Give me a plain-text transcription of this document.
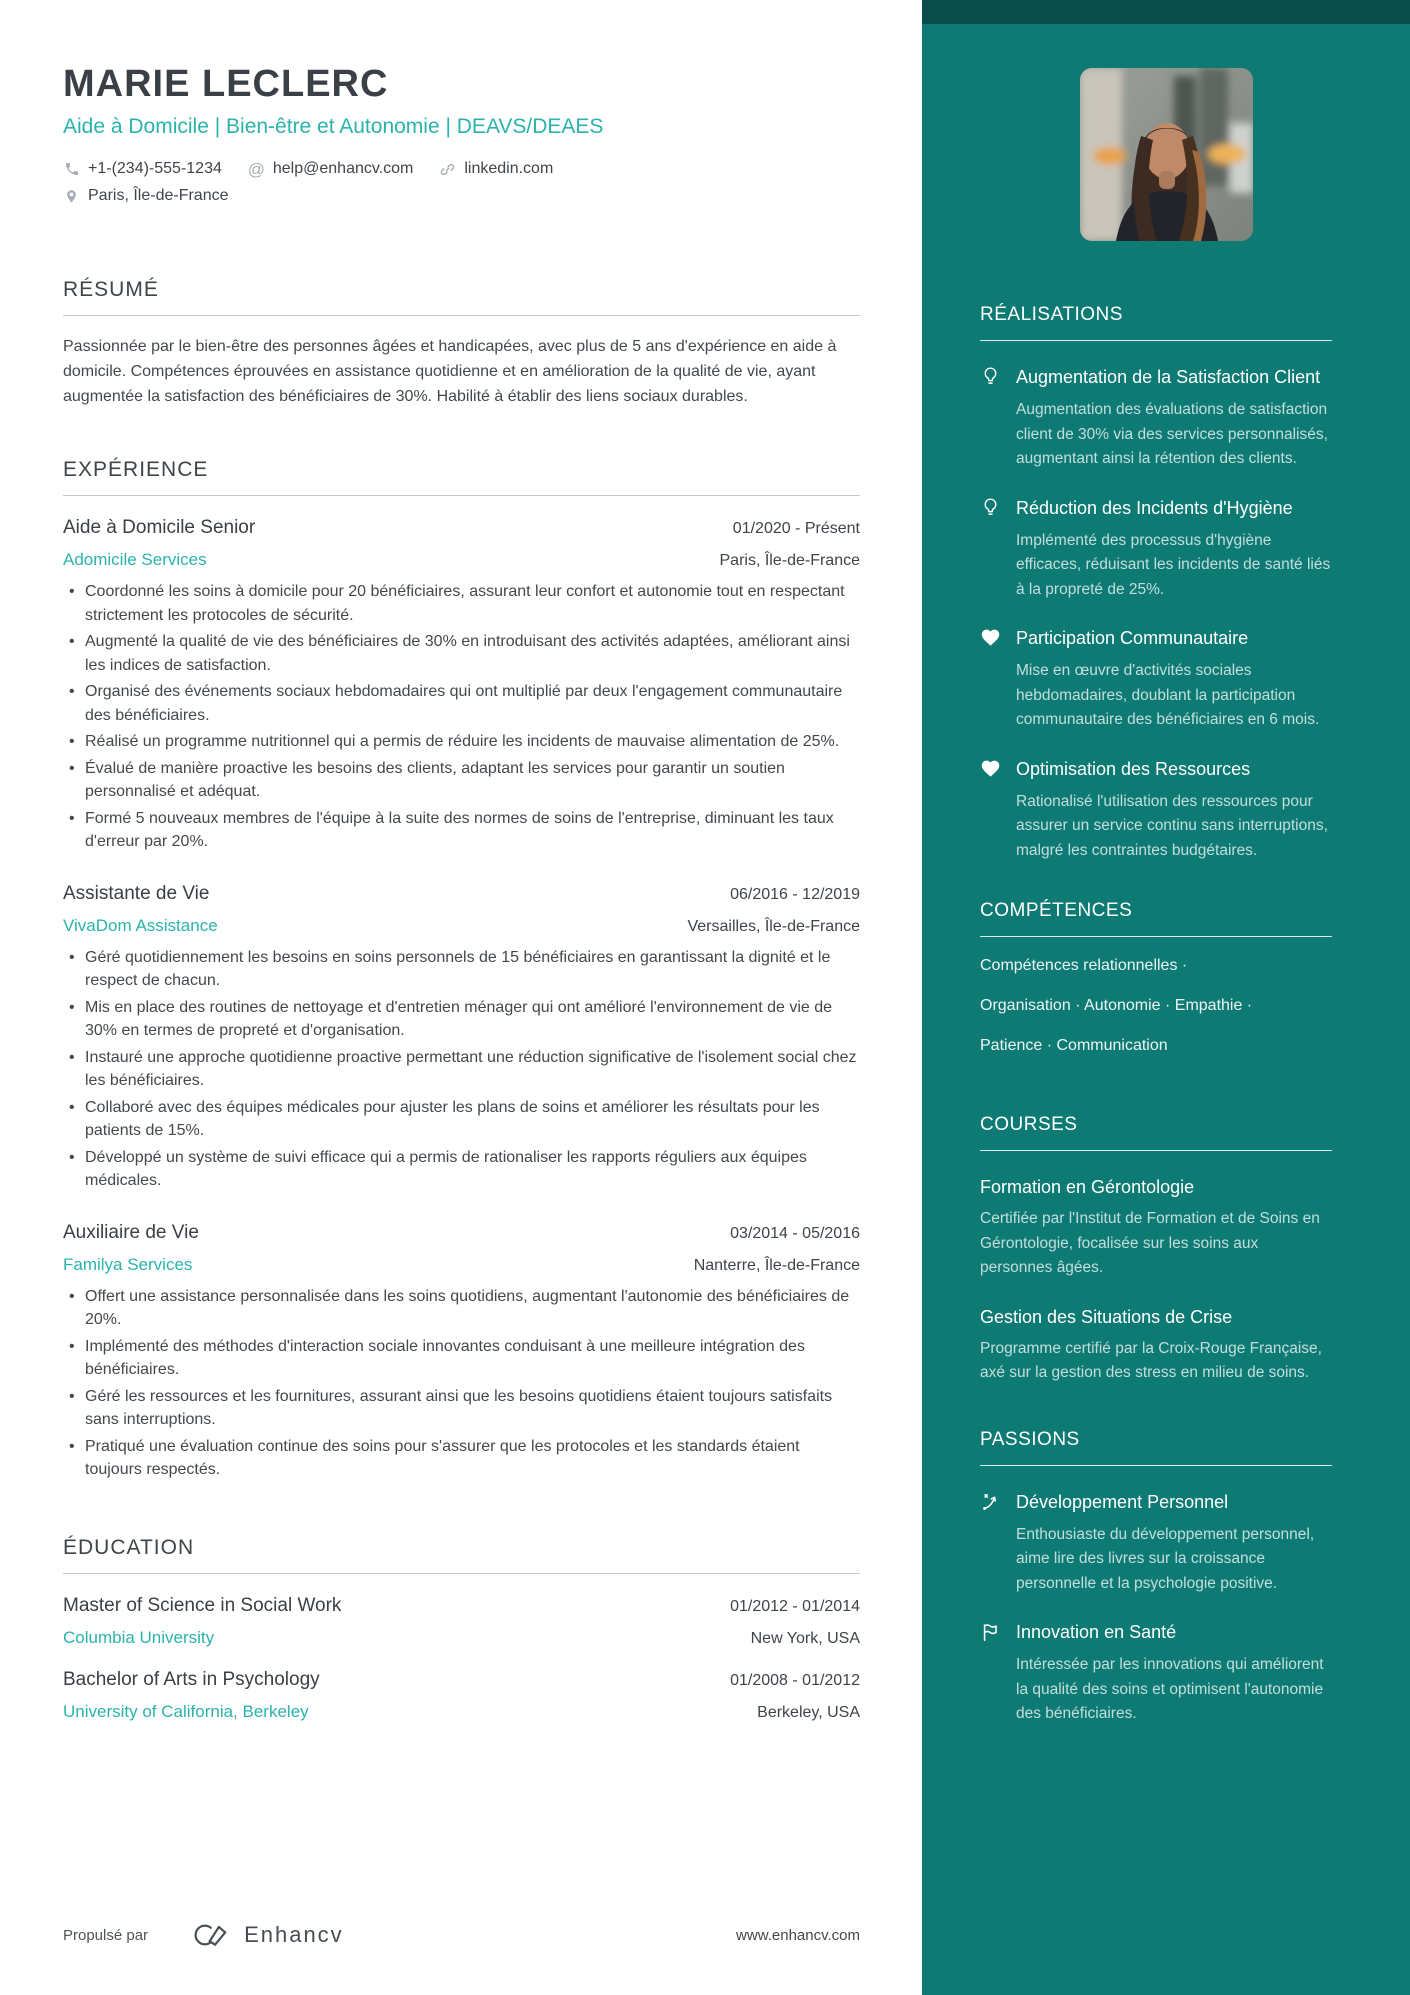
MARIE LECLERC
Aide à Domicile | Bien-être et Autonomie | DEAVS/DEAES
+1-(234)-555-1234 @ help@enhancv.com	linkedin.com
Paris, Île-de-France
RÉSUMÉ
Passionnée par le bien-être des personnes âgées et handicapées, avec plus de 5 ans d'expérience en aide à domicile. Compétences éprouvées en assistance quotidienne et en amélioration de la qualité de vie, ayant augmentée la satisfaction des bénéficiaires de 30%. Habilité à établir des liens sociaux durables.
EXPÉRIENCE
Aide à Domicile Senior	01/2020 - Présent
Adomicile Services	Paris, Île-de-France
• Coordonné les soins à domicile pour 20 bénéficiaires, assurant leur confort et autonomie tout en respectant strictement les protocoles de sécurité.
• Augmenté la qualité de vie des bénéficiaires de 30% en introduisant des activités adaptées, améliorant ainsi les indices de satisfaction.
• Organisé des événements sociaux hebdomadaires qui ont multiplié par deux l'engagement communautaire des bénéficiaires.
• Réalisé un programme nutritionnel qui a permis de réduire les incidents de mauvaise alimentation de 25%.
• Évalué de manière proactive les besoins des clients, adaptant les services pour garantir un soutien personnalisé et adéquat.
• Formé 5 nouveaux membres de l'équipe à la suite des normes de soins de l'entreprise, diminuant les taux d'erreur par 20%.
Assistante de Vie	06/2016 - 12/2019
VivaDom Assistance	Versailles, Île-de-France
• Géré quotidiennement les besoins en soins personnels de 15 bénéficiaires en garantissant la dignité et le respect de chacun.
• Mis en place des routines de nettoyage et d'entretien ménager qui ont amélioré l'environnement de vie de 30% en termes de propreté et d'organisation.
• Instauré une approche quotidienne proactive permettant une réduction significative de l'isolement social chez les bénéficiaires.
• Collaboré avec des équipes médicales pour ajuster les plans de soins et améliorer les résultats pour les patients de 15%.
• Développé un système de suivi efficace qui a permis de rationaliser les rapports réguliers aux équipes médicales.
Auxiliaire de Vie	03/2014 - 05/2016
Familya Services	Nanterre, Île-de-France
• Offert une assistance personnalisée dans les soins quotidiens, augmentant l'autonomie des bénéficiaires de 20%.
• Implémenté des méthodes d'interaction sociale innovantes conduisant à une meilleure intégration des bénéficiaires.
• Géré les ressources et les fournitures, assurant ainsi que les besoins quotidiens étaient toujours satisfaits sans interruptions.
• Pratiqué une évaluation continue des soins pour s'assurer que les protocoles et les standards étaient toujours respectés.
ÉDUCATION
Master of Science in Social Work	01/2012 - 01/2014
Columbia University	New York, USA
Bachelor of Arts in Psychology	01/2008 - 01/2012
University of California, Berkeley	Berkeley, USA
Propulsé par	Enhancv	www.enhancv.com
RÉALISATIONS
Augmentation de la Satisfaction Client
Augmentation des évaluations de satisfaction client de 30% via des services personnalisés, augmentant ainsi la rétention des clients.
Réduction des Incidents d'Hygiène
Implémenté des processus d'hygiène efficaces, réduisant les incidents de santé liés à la propreté de 25%.
Participation Communautaire
Mise en œuvre d'activités sociales hebdomadaires, doublant la participation communautaire des bénéficiaires en 6 mois.
Optimisation des Ressources
Rationalisé l'utilisation des ressources pour assurer un service continu sans interruptions, malgré les contraintes budgétaires.
COMPÉTENCES
Compétences relationnelles ·
Organisation · Autonomie · Empathie ·
Patience · Communication
COURSES
Formation en Gérontologie
Certifiée par l'Institut de Formation et de Soins en Gérontologie, focalisée sur les soins aux personnes âgées.
Gestion des Situations de Crise
Programme certifié par la Croix-Rouge Française, axé sur la gestion des stress en milieu de soins.
PASSIONS
Développement Personnel
Enthousiaste du développement personnel, aime lire des livres sur la croissance personnelle et la psychologie positive.
Innovation en Santé
Intéressée par les innovations qui améliorent la qualité des soins et optimisent l'autonomie des bénéficiaires.
